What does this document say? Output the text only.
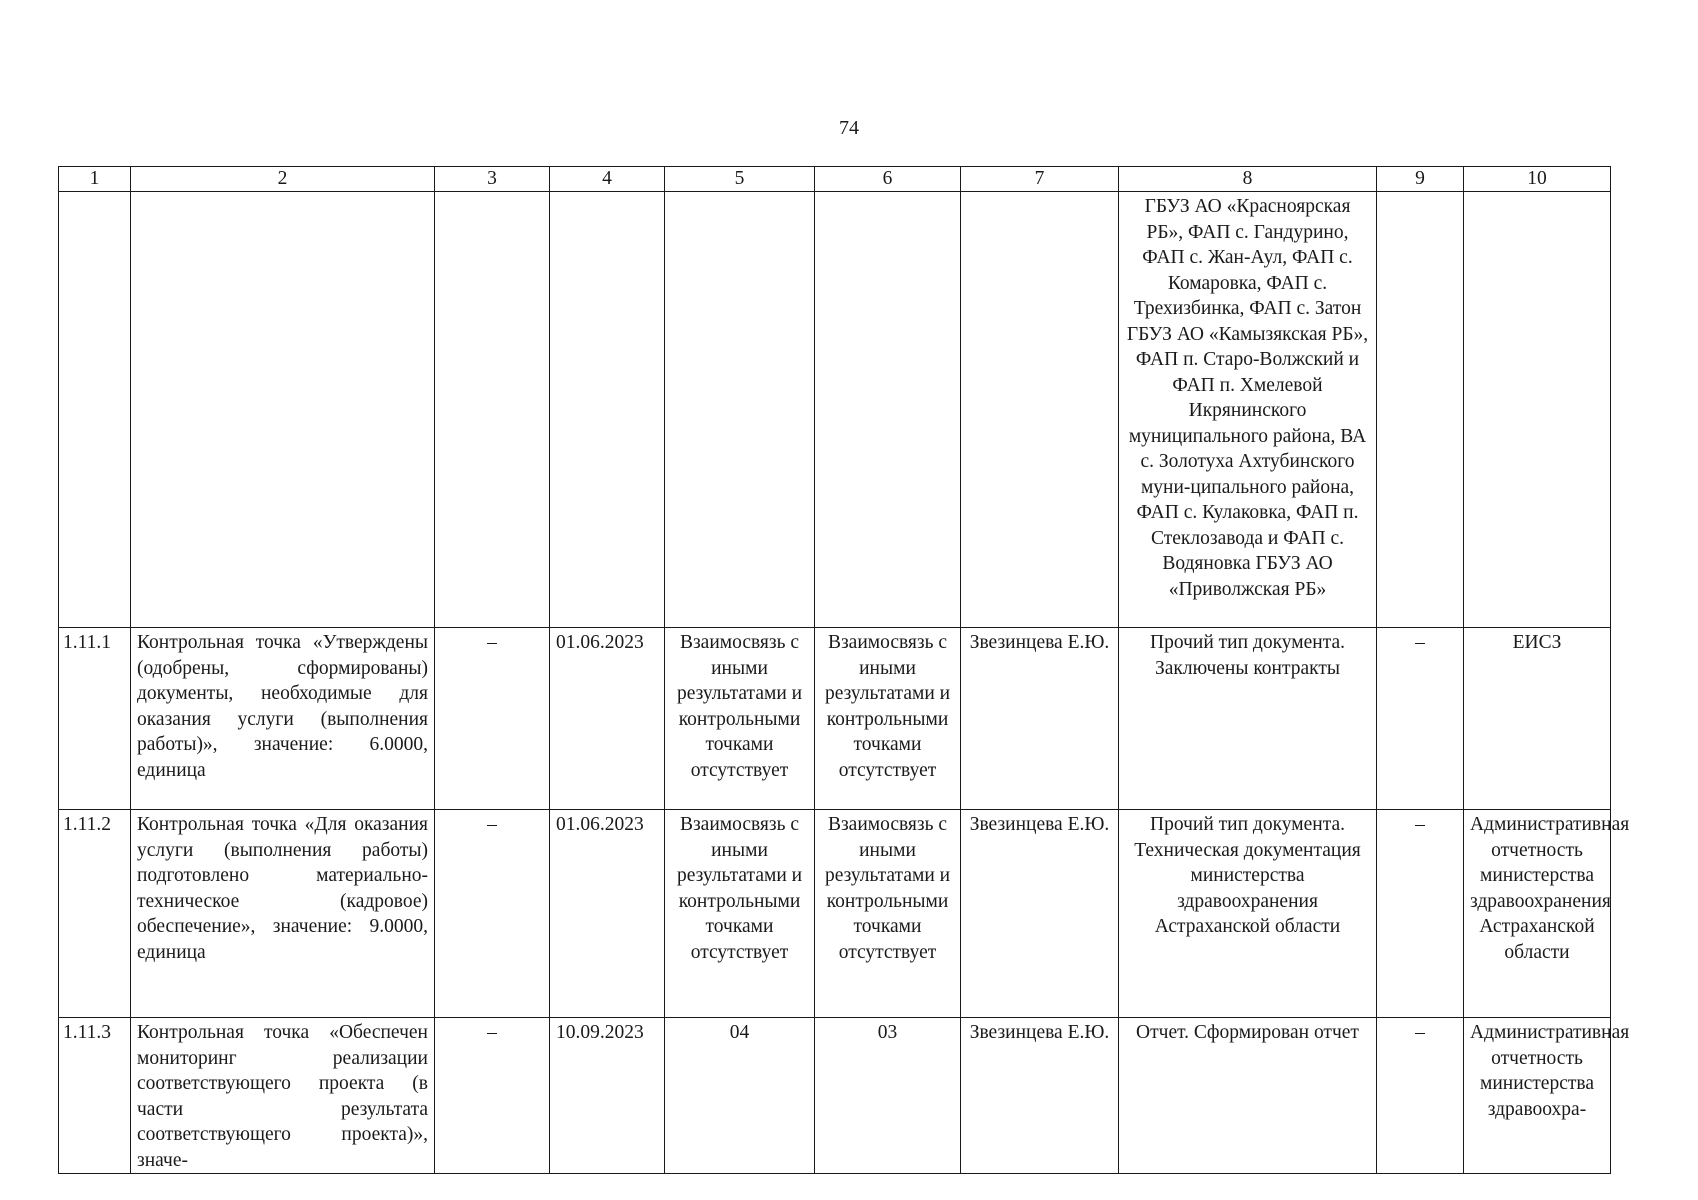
74
1	2	3	4	5	6	7	8	9	10
							ГБУЗ АО «Красноярская РБ», ФАП с. Гандурино, ФАП с. Жан-Аул, ФАП с. Комаровка, ФАП с. Трехизбинка, ФАП с. Затон ГБУЗ АО «Камызякская РБ», ФАП п. Старо-Волжский и ФАП п. Хмелевой Икрянинского муниципального района, ВА с. Золотуха Ахтубинского муни-ципального района, ФАП с. Кулаковка, ФАП п. Стеклозавода и ФАП с. Водяновка ГБУЗ АО «Приволжская РБ»		
1.11.1	Контрольная точка «Утверждены (одобрены, сформированы) документы, необходимые для оказания услуги (выполнения работы)», значение: 6.0000, единица	–	01.06.2023	Взаимосвязь с иными результатами и контрольными точками отсутствует	Взаимосвязь с иными результатами и контрольными точками отсутствует	Звезинцева Е.Ю.	Прочий тип документа. Заключены контракты	–	ЕИСЗ
1.11.2	Контрольная точка «Для оказания услуги (выполнения работы) подготовлено материально-техническое (кадровое) обеспечение», значение: 9.0000, единица	–	01.06.2023	Взаимосвязь с иными результатами и контрольными точками отсутствует	Взаимосвязь с иными результатами и контрольными точками отсутствует	Звезинцева Е.Ю.	Прочий тип документа. Техническая документация министерства здравоохранения Астраханской области	–	Административная отчетность министерства здравоохранения Астраханской области
1.11.3	Контрольная точка «Обеспечен мониторинг реализации соответствующего проекта (в части результата соответствующего проекта)», значе-	–	10.09.2023	04	03	Звезинцева Е.Ю.	Отчет. Сформирован отчет	–	Административная отчетность министерства здравоохра-
